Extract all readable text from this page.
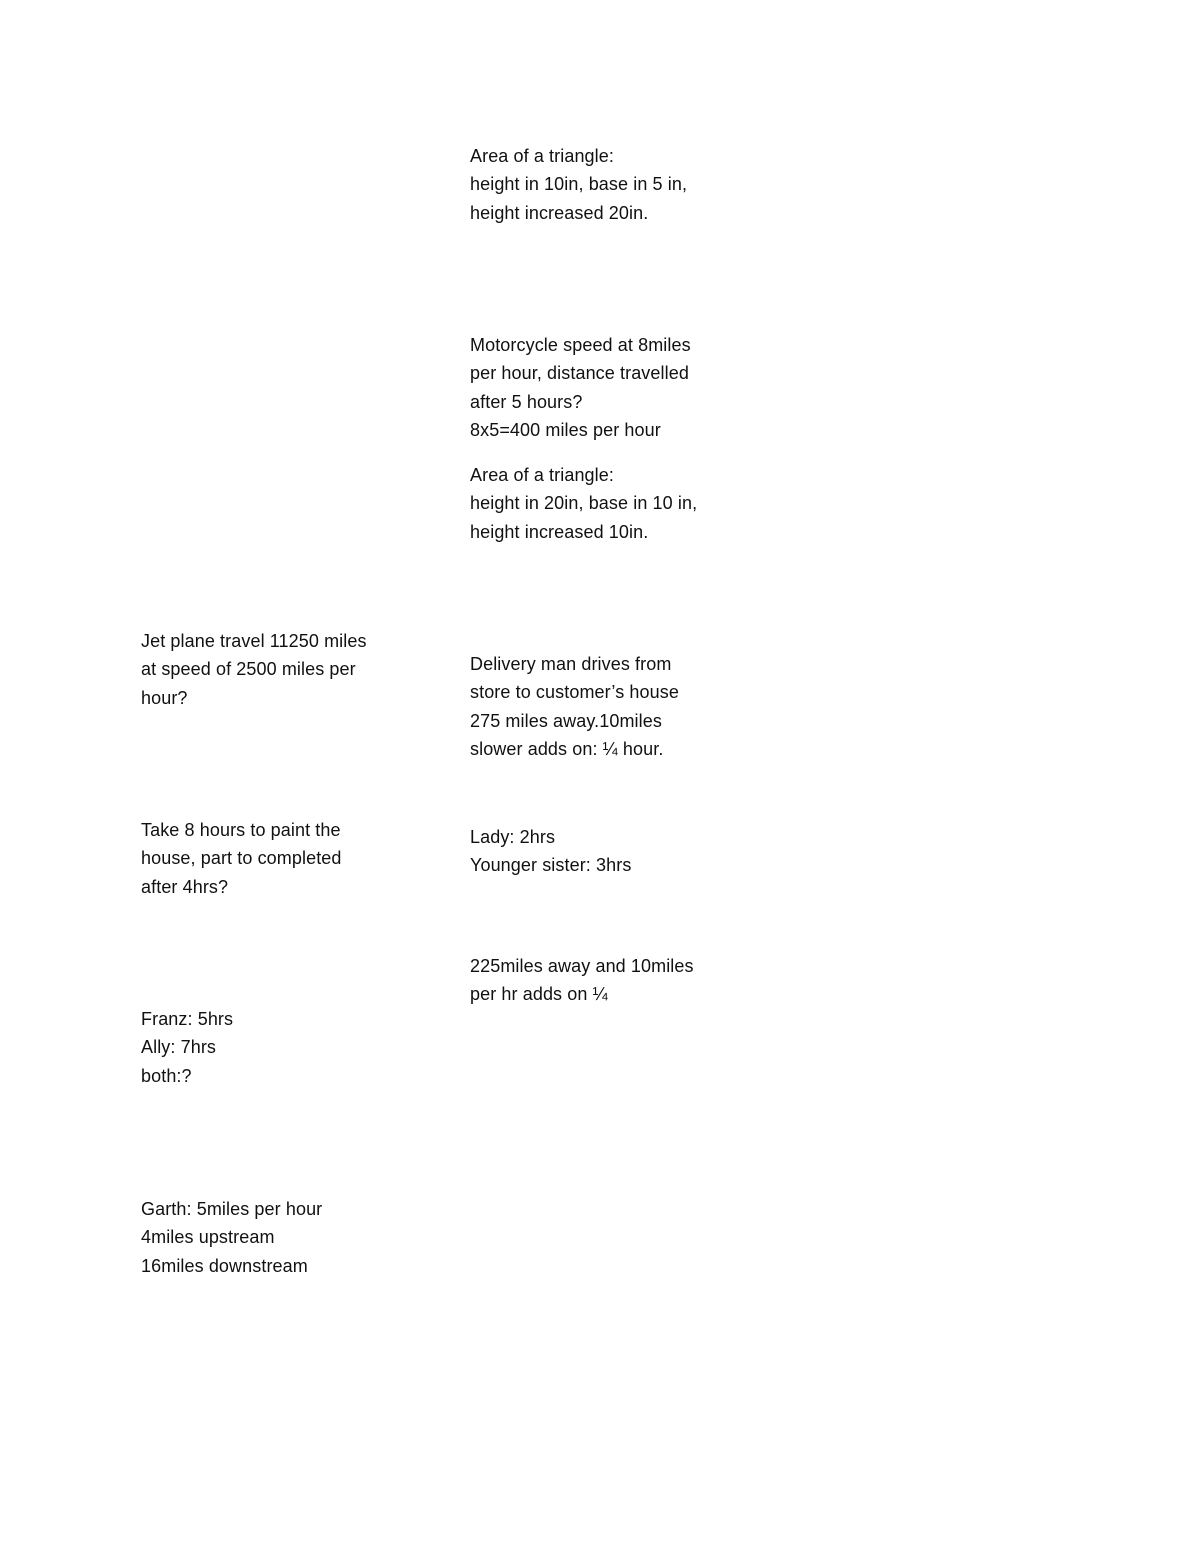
Area of a triangle:
height in 10in, base in 5 in,
height increased 20in.
Motorcycle speed at 8miles
per hour, distance travelled
after 5 hours?
8x5=400 miles per hour
Area of a triangle:
height in 20in, base in 10 in,
height increased 10in.
Delivery man drives from
store to customer’s house
275 miles away.10miles
slower adds on: ¼ hour.
Lady: 2hrs
Younger sister: 3hrs
225miles away and 10miles
per hr adds on ¼
Jet plane travel 11250 miles
at speed of 2500 miles per
hour?
Take 8 hours to paint the
house, part to completed
after 4hrs?
Franz: 5hrs
Ally: 7hrs
both:?
Garth: 5miles per hour
4miles upstream
16miles downstream
